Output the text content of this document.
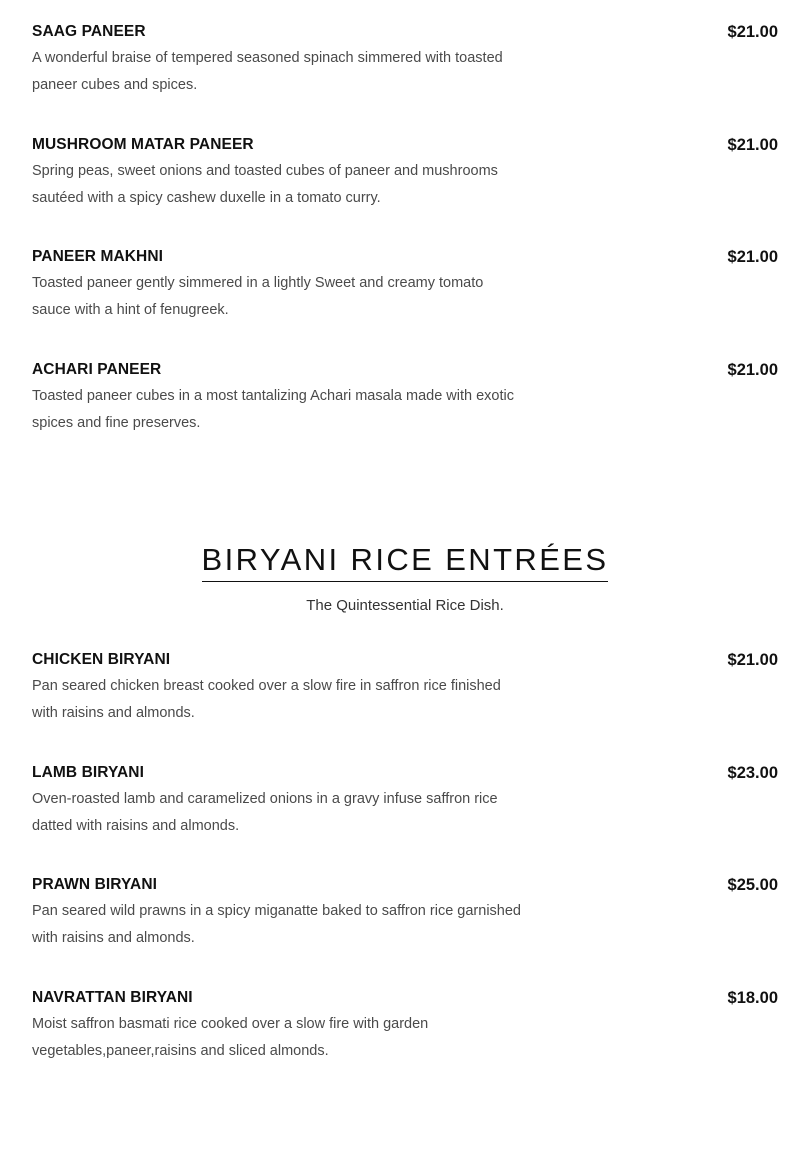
SAAG PANEER	$21.00
A wonderful braise of tempered seasoned spinach simmered with toasted paneer cubes and spices.
MUSHROOM MATAR PANEER	$21.00
Spring peas, sweet onions and toasted cubes of paneer and mushrooms sautéed with a spicy cashew duxelle in a tomato curry.
PANEER MAKHNI	$21.00
Toasted paneer gently simmered in a lightly Sweet and creamy tomato sauce with a hint of fenugreek.
ACHARI PANEER	$21.00
Toasted paneer cubes in a most tantalizing Achari masala made with exotic spices and fine preserves.
BIRYANI RICE ENTRÉES
The Quintessential Rice Dish.
CHICKEN BIRYANI	$21.00
Pan seared chicken breast cooked over a slow fire in saffron rice finished with raisins and almonds.
LAMB BIRYANI	$23.00
Oven-roasted lamb and caramelized onions in a gravy infuse saffron rice datted with raisins and almonds.
PRAWN BIRYANI	$25.00
Pan seared wild prawns in a spicy miganatte baked to saffron rice garnished with raisins and almonds.
NAVRATTAN BIRYANI	$18.00
Moist saffron basmati rice cooked over a slow fire with garden vegetables,paneer,raisins and sliced almonds.
